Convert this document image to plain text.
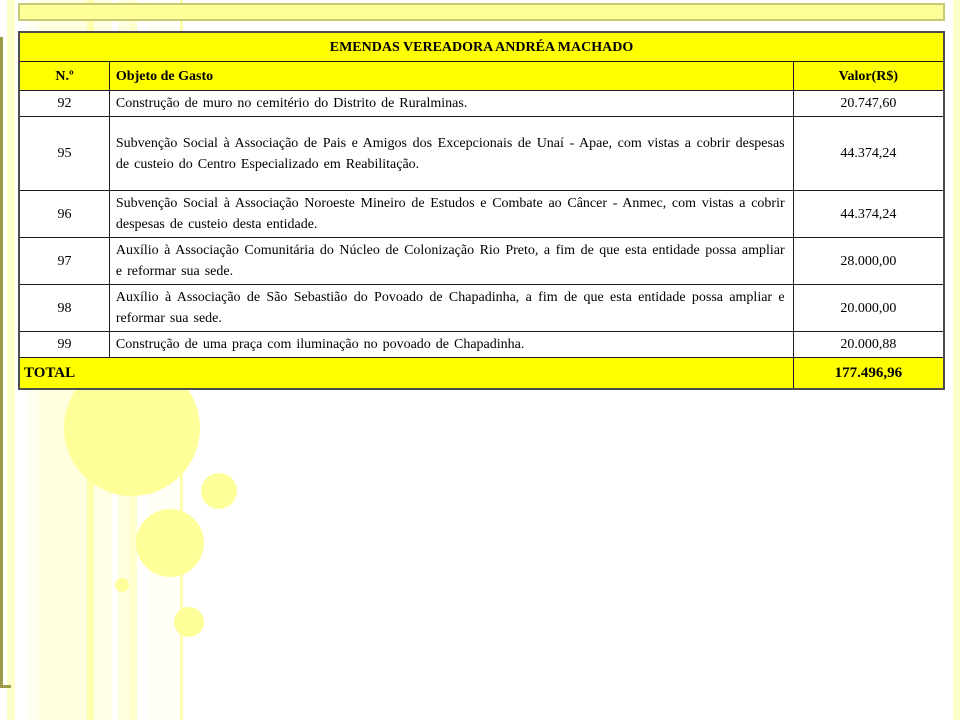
EMENDAS VEREADORA ANDRÉA MACHADO		
N.º	Objeto de Gasto	Valor(R$)
92	Construção de muro no cemitério do Distrito de Ruralminas.	20.747,60
95	Subvenção Social à Associação de Pais e Amigos dos Excepcionais de Unaí - Apae, com vistas a cobrir despesas de custeio do Centro Especializado em Reabilitação.	44.374,24
96	Subvenção Social à Associação Noroeste Mineiro de Estudos e Combate ao Câncer - Anmec, com vistas a cobrir despesas de custeio desta entidade.	44.374,24
97	Auxílio à Associação Comunitária do Núcleo de Colonização Rio Preto, a fim de que esta entidade possa ampliar e reformar sua sede.	28.000,00
98	Auxílio à Associação de São Sebastião do Povoado de Chapadinha, a fim de que esta entidade possa ampliar e reformar sua sede.	20.000,00
99	Construção de uma praça com iluminação no povoado de Chapadinha.	20.000,88
TOTAL		177.496,96
